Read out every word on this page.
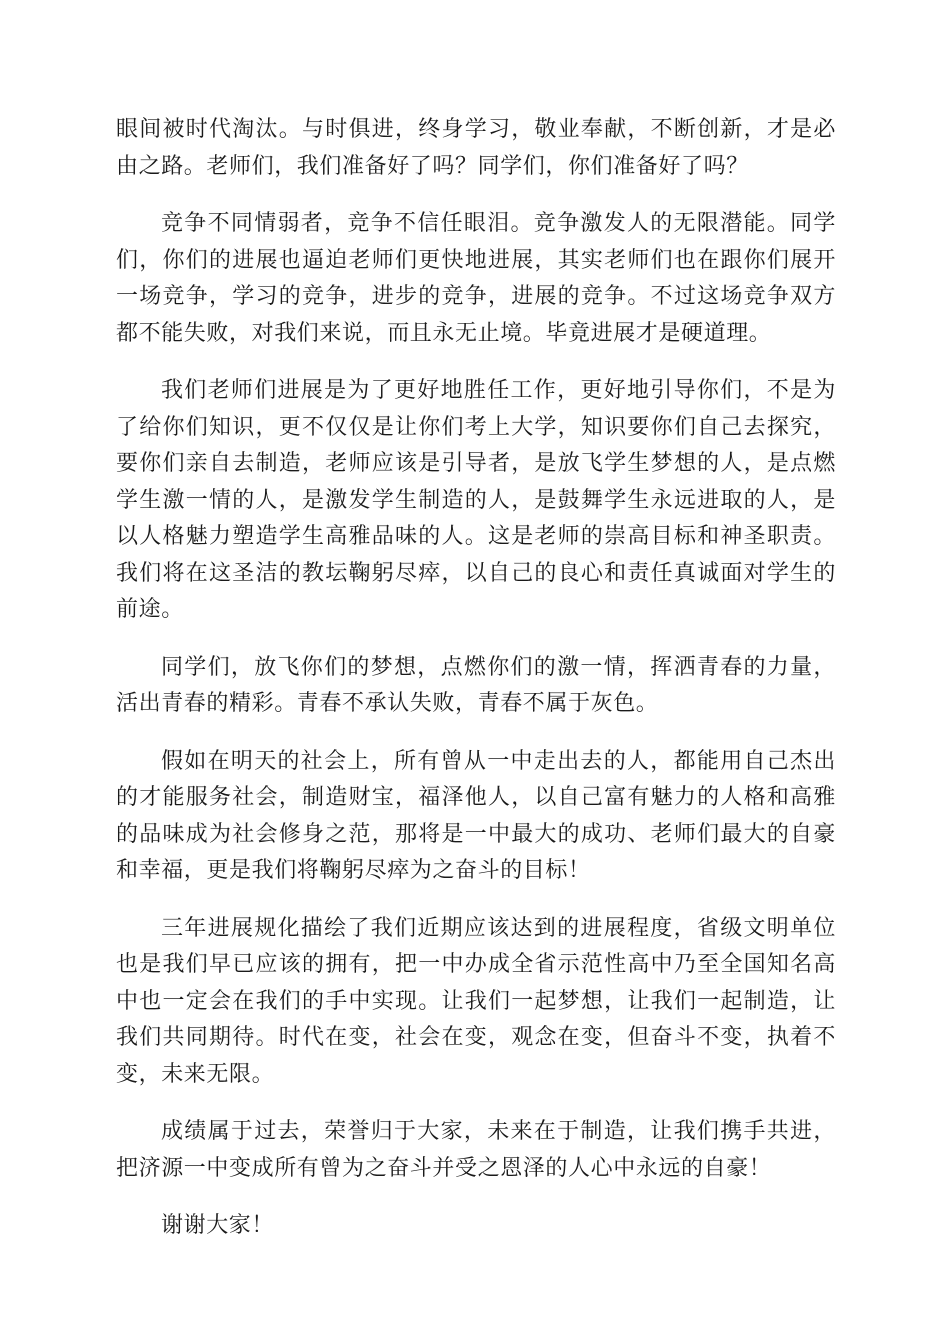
眼间被时代淘汰。与时俱进，终身学习，敬业奉献，不断创新，才是必由之路。老师们，我们准备好了吗？同学们，你们准备好了吗？

竞争不同情弱者，竞争不信任眼泪。竞争激发人的无限潜能。同学们，你们的进展也逼迫老师们更快地进展，其实老师们也在跟你们展开一场竞争，学习的竞争，进步的竞争，进展的竞争。不过这场竞争双方都不能失败，对我们来说，而且永无止境。毕竟进展才是硬道理。

我们老师们进展是为了更好地胜任工作，更好地引导你们，不是为了给你们知识，更不仅仅是让你们考上大学，知识要你们自己去探究，要你们亲自去制造，老师应该是引导者，是放飞学生梦想的人，是点燃学生激一情的人，是激发学生制造的人，是鼓舞学生永远进取的人，是以人格魅力塑造学生高雅品味的人。这是老师的崇高目标和神圣职责。我们将在这圣洁的教坛鞠躬尽瘁，以自己的良心和责任真诚面对学生的前途。

同学们，放飞你们的梦想，点燃你们的激一情，挥洒青春的力量，活出青春的精彩。青春不承认失败，青春不属于灰色。

假如在明天的社会上，所有曾从一中走出去的人，都能用自己杰出的才能服务社会，制造财宝，福泽他人，以自己富有魅力的人格和高雅的品味成为社会修身之范，那将是一中最大的成功、老师们最大的自豪和幸福，更是我们将鞠躬尽瘁为之奋斗的目标！

三年进展规化描绘了我们近期应该达到的进展程度，省级文明单位也是我们早已应该的拥有，把一中办成全省示范性高中乃至全国知名高中也一定会在我们的手中实现。让我们一起梦想，让我们一起制造，让我们共同期待。时代在变，社会在变，观念在变，但奋斗不变，执着不变，未来无限。

成绩属于过去，荣誉归于大家，未来在于制造，让我们携手共进，把济源一中变成所有曾为之奋斗并受之恩泽的人心中永远的自豪！

谢谢大家！
